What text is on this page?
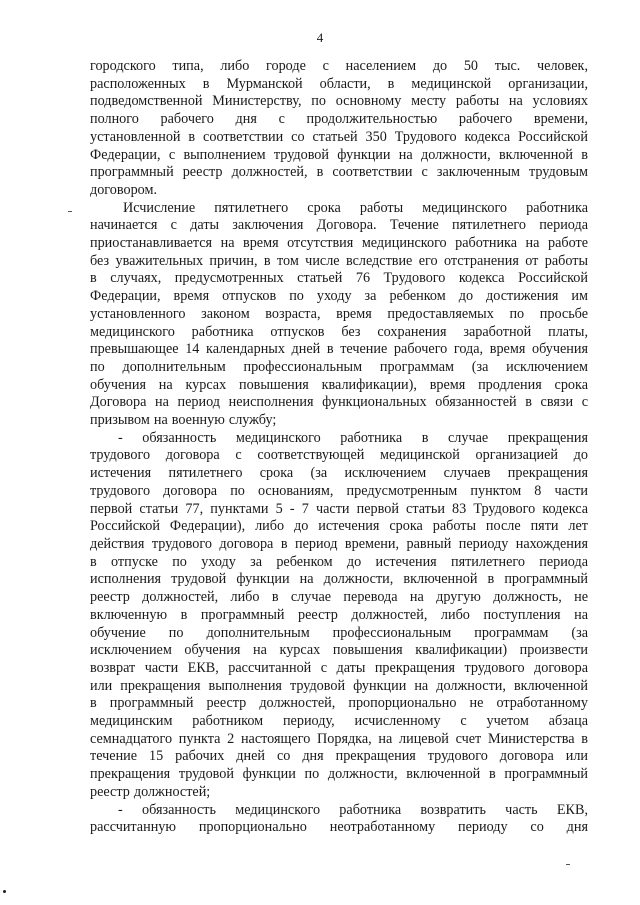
4

городского типа, либо городе с населением до 50 тыс. человек,
расположенных в Мурманской области, в медицинской организации,
подведомственной Министерству, по основному месту работы на условиях
полного рабочего дня с продолжительностью рабочего времени,
установленной в соответствии со статьей 350 Трудового кодекса Российской
Федерации, с выполнением трудовой функции на должности, включенной в
программный реестр должностей, в соответствии с заключенным трудовым
договором.

Исчисление пятилетнего срока работы медицинского работника
начинается с даты заключения Договора. Течение пятилетнего периода
приостанавливается на время отсутствия медицинского работника на работе
без уважительных причин, в том числе вследствие его отстранения от работы
в случаях, предусмотренных статьей 76 Трудового кодекса Российской
Федерации, время отпусков по уходу за ребенком до достижения им
установленного законом возраста, время предоставляемых по просьбе
медицинского работника отпусков без сохранения заработной платы,
превышающее 14 календарных дней в течение рабочего года, время обучения
по дополнительным профессиональным программам (за исключением
обучения на курсах повышения квалификации), время продления срока
Договора на период неисполнения функциональных обязанностей в связи с
призывом на военную службу;

- обязанность медицинского работника в случае прекращения
трудового договора с соответствующей медицинской организацией до
истечения пятилетнего срока (за исключением случаев прекращения
трудового договора по основаниям, предусмотренным пунктом 8 части
первой статьи 77, пунктами 5 - 7 части первой статьи 83 Трудового кодекса
Российской Федерации), либо до истечения срока работы после пяти лет
действия трудового договора в период времени, равный периоду нахождения
в отпуске по уходу за ребенком до истечения пятилетнего периода
исполнения трудовой функции на должности, включенной в программный
реестр должностей, либо в случае перевода на другую должность, не
включенную в программный реестр должностей, либо поступления на
обучение по дополнительным профессиональным программам (за
исключением обучения на курсах повышения квалификации) произвести
возврат части ЕКВ, рассчитанной с даты прекращения трудового договора
или прекращения выполнения трудовой функции на должности, включенной
в программный реестр должностей, пропорционально не отработанному
медицинским работником периоду, исчисленному с учетом абзаца
семнадцатого пункта 2 настоящего Порядка, на лицевой счет Министерства в
течение 15 рабочих дней со дня прекращения трудового договора или
прекращения трудовой функции по должности, включенной в программный
реестр должностей;

- обязанность медицинского работника возвратить часть ЕКВ,
рассчитанную пропорционально неотработанному периоду со дня
